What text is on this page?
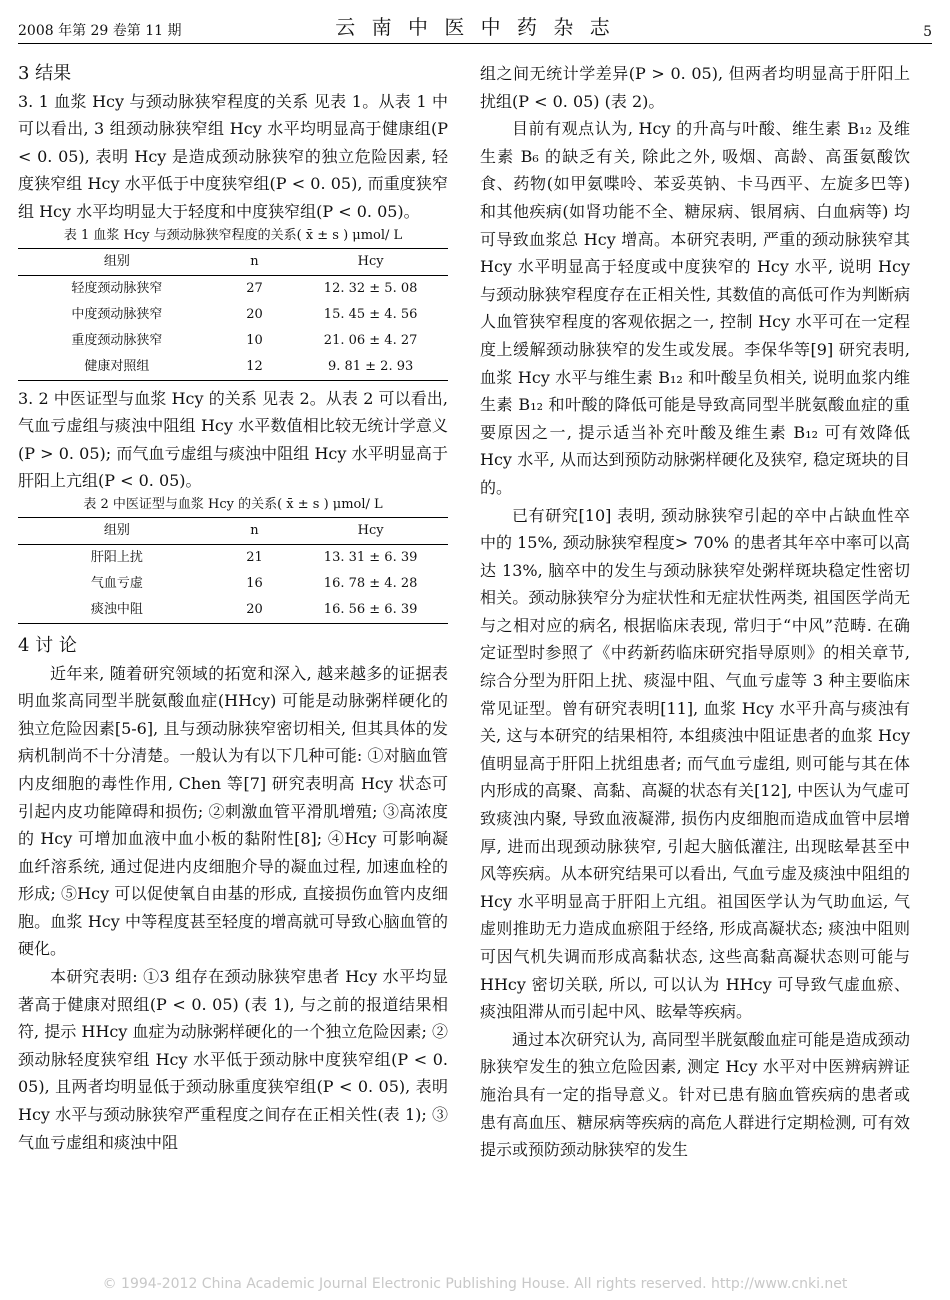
2008 年第 29 卷第 11 期	云 南 中 医 中 药 杂 志	5

3 结果

3. 1 血浆 Hcy 与颈动脉狭窄程度的关系 见表 1。从表 1 中可以看出, 3 组颈动脉狭窄组 Hcy 水平均明显高于健康组(P < 0. 05), 表明 Hcy 是造成颈动脉狭窄的独立危险因素, 轻度狭窄组 Hcy 水平低于中度狭窄组(P < 0. 05), 而重度狭窄组 Hcy 水平均明显大于轻度和中度狭窄组(P < 0. 05)。

表 1 血浆 Hcy 与颈动脉狭窄程度的关系( x̄ ± s ) μmol/ L

组别	n	Hcy
轻度颈动脉狭窄	27	12. 32 ± 5. 08
中度颈动脉狭窄	20	15. 45 ± 4. 56
重度颈动脉狭窄	10	21. 06 ± 4. 27
健康对照组	12	9. 81 ± 2. 93

3. 2 中医证型与血浆 Hcy 的关系 见表 2。从表 2 可以看出, 气血亏虚组与痰浊中阻组 Hcy 水平数值相比较无统计学意义(P > 0. 05); 而气血亏虚组与痰浊中阻组 Hcy 水平明显高于肝阳上亢组(P < 0. 05)。

表 2 中医证型与血浆 Hcy 的关系( x̄ ± s ) μmol/ L

组别	n	Hcy
肝阳上扰	21	13. 31 ± 6. 39
气血亏虚	16	16. 78 ± 4. 28
痰浊中阻	20	16. 56 ± 6. 39

4 讨 论

近年来, 随着研究领域的拓宽和深入, 越来越多的证据表明血浆高同型半胱氨酸血症(HHcy) 可能是动脉粥样硬化的独立危险因素[5-6], 且与颈动脉狭窄密切相关, 但其具体的发病机制尚不十分清楚。一般认为有以下几种可能: ①对脑血管内皮细胞的毒性作用, Chen 等[7] 研究表明高 Hcy 状态可引起内皮功能障碍和损伤; ②刺激血管平滑肌增殖; ③高浓度的 Hcy 可增加血液中血小板的黏附性[8]; ④Hcy 可影响凝血纤溶系统, 通过促进内皮细胞介导的凝血过程, 加速血栓的形成; ⑤Hcy 可以促使氧自由基的形成, 直接损伤血管内皮细胞。血浆 Hcy 中等程度甚至轻度的增高就可导致心脑血管的硬化。

本研究表明: ①3 组存在颈动脉狭窄患者 Hcy 水平均显著高于健康对照组(P < 0. 05) (表 1), 与之前的报道结果相符, 提示 HHcy 血症为动脉粥样硬化的一个独立危险因素; ②颈动脉轻度狭窄组 Hcy 水平低于颈动脉中度狭窄组(P < 0. 05), 且两者均明显低于颈动脉重度狭窄组(P < 0. 05), 表明 Hcy 水平与颈动脉狭窄严重程度之间存在正相关性(表 1); ③气血亏虚组和痰浊中阻

组之间无统计学差异(P > 0. 05), 但两者均明显高于肝阳上扰组(P < 0. 05) (表 2)。

目前有观点认为, Hcy 的升高与叶酸、维生素 B₁₂ 及维生素 B₆ 的缺乏有关, 除此之外, 吸烟、高龄、高蛋氨酸饮食、药物(如甲氨喋呤、苯妥英钠、卡马西平、左旋多巴等) 和其他疾病(如肾功能不全、糖尿病、银屑病、白血病等) 均可导致血浆总 Hcy 增高。本研究表明, 严重的颈动脉狭窄其 Hcy 水平明显高于轻度或中度狭窄的 Hcy 水平, 说明 Hcy 与颈动脉狭窄程度存在正相关性, 其数值的高低可作为判断病人血管狭窄程度的客观依据之一, 控制 Hcy 水平可在一定程度上缓解颈动脉狭窄的发生或发展。李保华等[9] 研究表明, 血浆 Hcy 水平与维生素 B₁₂ 和叶酸呈负相关, 说明血浆内维生素 B₁₂ 和叶酸的降低可能是导致高同型半胱氨酸血症的重要原因之一, 提示适当补充叶酸及维生素 B₁₂ 可有效降低 Hcy 水平, 从而达到预防动脉粥样硬化及狭窄, 稳定斑块的目的。

已有研究[10] 表明, 颈动脉狭窄引起的卒中占缺血性卒中的 15%, 颈动脉狭窄程度> 70% 的患者其年卒中率可以高达 13%, 脑卒中的发生与颈动脉狭窄处粥样斑块稳定性密切相关。颈动脉狭窄分为症状性和无症状性两类, 祖国医学尚无与之相对应的病名, 根据临床表现, 常归于“中风”范畴. 在确定证型时参照了《中药新药临床研究指导原则》的相关章节, 综合分型为肝阳上扰、痰湿中阻、气血亏虚等 3 种主要临床常见证型。曾有研究表明[11], 血浆 Hcy 水平升高与痰浊有关, 这与本研究的结果相符, 本组痰浊中阻证患者的血浆 Hcy 值明显高于肝阳上扰组患者; 而气血亏虚组, 则可能与其在体内形成的高聚、高黏、高凝的状态有关[12], 中医认为气虚可致痰浊内聚, 导致血液凝滞, 损伤内皮细胞而造成血管中层增厚, 进而出现颈动脉狭窄, 引起大脑低灌注, 出现眩晕甚至中风等疾病。从本研究结果可以看出, 气血亏虚及痰浊中阻组的 Hcy 水平明显高于肝阳上亢组。祖国医学认为气助血运, 气虚则推助无力造成血瘀阻于经络, 形成高凝状态; 痰浊中阻则可因气机失调而形成高黏状态, 这些高黏高凝状态则可能与 HHcy 密切关联, 所以, 可以认为 HHcy 可导致气虚血瘀、痰浊阻滞从而引起中风、眩晕等疾病。

通过本次研究认为, 高同型半胱氨酸血症可能是造成颈动脉狭窄发生的独立危险因素, 测定 Hcy 水平对中医辨病辨证施治具有一定的指导意义。针对已患有脑血管疾病的患者或患有高血压、糖尿病等疾病的高危人群进行定期检测, 可有效提示或预防颈动脉狭窄的发生

© 1994-2012 China Academic Journal Electronic Publishing House. All rights reserved. http://www.cnki.net
